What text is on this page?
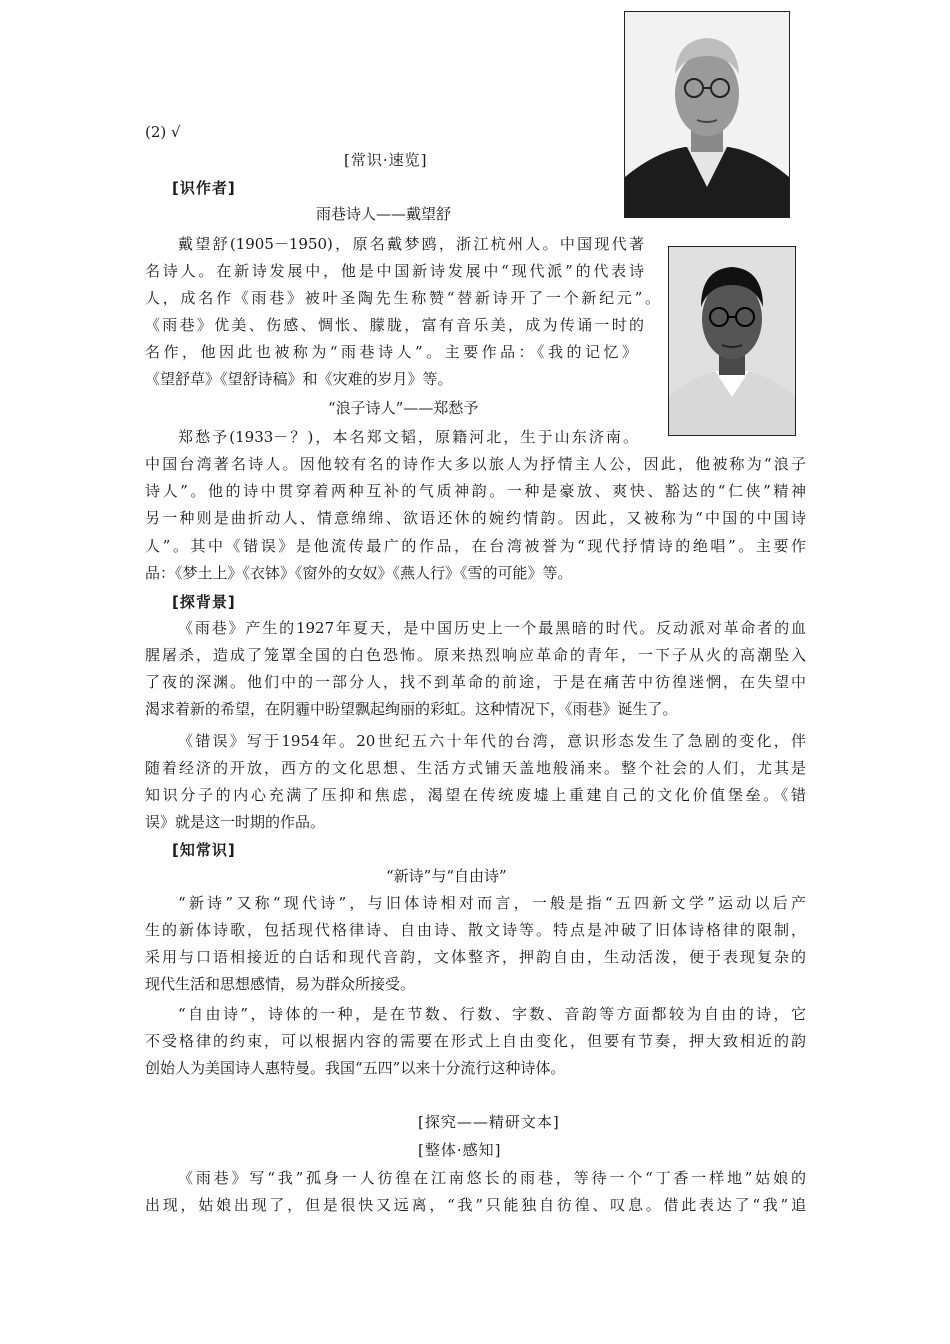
(2) √
[常识·速览]
[识作者]
雨巷诗人——戴望舒
戴望舒(1905－1950)，原名戴梦鸥，浙江杭州人。中国现代著
名诗人。在新诗发展中，他是中国新诗发展中“现代派”的代表诗
人，成名作《雨巷》被叶圣陶先生称赞“替新诗开了一个新纪元”。
《雨巷》优美、伤感、惆怅、朦胧，富有音乐美，成为传诵一时的
名作，他因此也被称为“雨巷诗人”。主要作品：《我的记忆》
《望舒草》《望舒诗稿》和《灾难的岁月》等。
“浪子诗人”——郑愁予
郑愁予(1933－？)，本名郑文韬，原籍河北，生于山东济南。
中国台湾著名诗人。因他较有名的诗作大多以旅人为抒情主人公，因此，他被称为“浪子
诗人”。他的诗中贯穿着两种互补的气质神韵。一种是豪放、爽快、豁达的“仁侠”精神
另一种则是曲折动人、情意绵绵、欲语还休的婉约情韵。因此，又被称为“中国的中国诗
人”。其中《错误》是他流传最广的作品，在台湾被誉为“现代抒情诗的绝唱”。主要作
品：《梦土上》《衣钵》《窗外的女奴》《燕人行》《雪的可能》等。
[探背景]
《雨巷》产生的1927年夏天，是中国历史上一个最黑暗的时代。反动派对革命者的血
腥屠杀，造成了笼罩全国的白色恐怖。原来热烈响应革命的青年，一下子从火的高潮坠入
了夜的深渊。他们中的一部分人，找不到革命的前途，于是在痛苦中彷徨迷惘，在失望中
渴求着新的希望，在阴霾中盼望飘起绚丽的彩虹。这种情况下，《雨巷》诞生了。
《错误》写于1954年。20世纪五六十年代的台湾，意识形态发生了急剧的变化，伴
随着经济的开放，西方的文化思想、生活方式铺天盖地般涌来。整个社会的人们，尤其是
知识分子的内心充满了压抑和焦虑，渴望在传统废墟上重建自己的文化价值堡垒。《错
误》就是这一时期的作品。
[知常识]
“新诗”与“自由诗”
“新诗”又称“现代诗”，与旧体诗相对而言，一般是指“五四新文学”运动以后产
生的新体诗歌，包括现代格律诗、自由诗、散文诗等。特点是冲破了旧体诗格律的限制，
采用与口语相接近的白话和现代音韵，文体整齐，押韵自由，生动活泼，便于表现复杂的
现代生活和思想感情，易为群众所接受。
“自由诗”，诗体的一种，是在节数、行数、字数、音韵等方面都较为自由的诗，它
不受格律的约束，可以根据内容的需要在形式上自由变化，但要有节奏，押大致相近的韵
创始人为美国诗人惠特曼。我国“五四”以来十分流行这种诗体。
[探究——精研文本]
[整体·感知]
《雨巷》写“我”孤身一人彷徨在江南悠长的雨巷，等待一个“丁香一样地”姑娘的
出现，姑娘出现了，但是很快又远离，“我”只能独自彷徨、叹息。借此表达了“我”追
